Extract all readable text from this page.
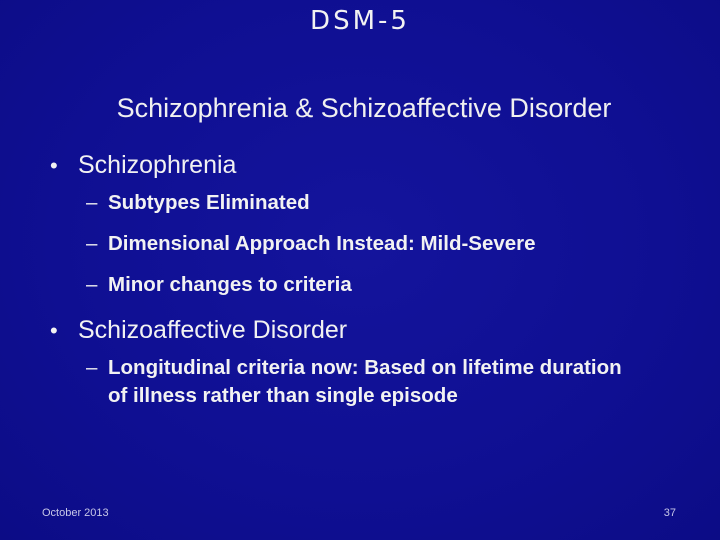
DSM-5
Schizophrenia & Schizoaffective Disorder
• Schizophrenia
– Subtypes Eliminated
– Dimensional Approach Instead: Mild-Severe
– Minor changes to criteria
• Schizoaffective Disorder
– Longitudinal criteria now: Based on lifetime duration of illness rather than single episode
October 2013	37
